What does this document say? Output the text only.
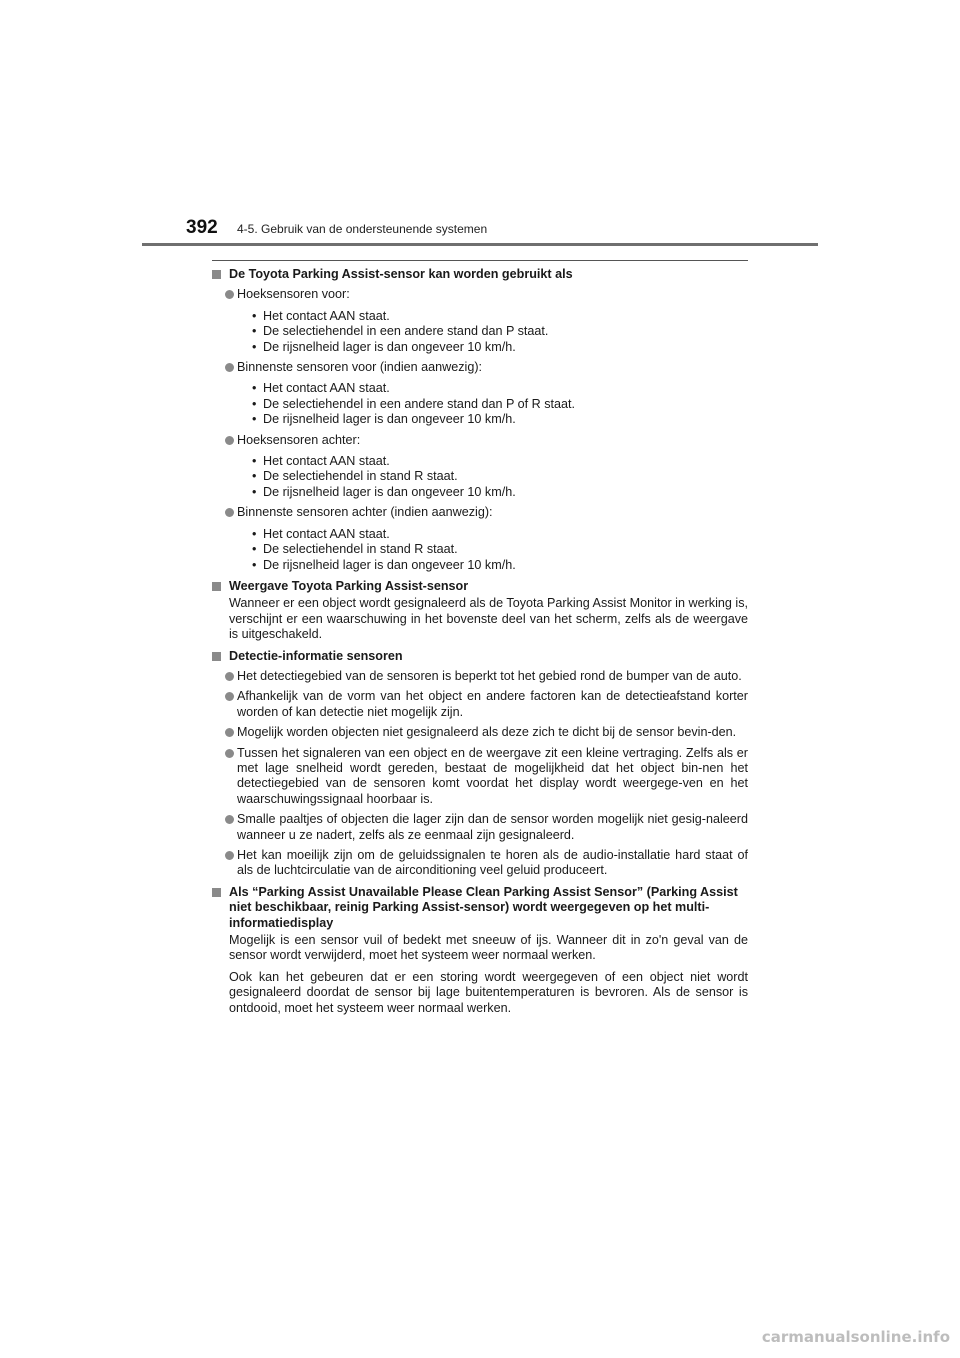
392 4-5. Gebruik van de ondersteunende systemen
De Toyota Parking Assist-sensor kan worden gebruikt als
Hoeksensoren voor:
• Het contact AAN staat.
• De selectiehendel in een andere stand dan P staat.
• De rijsnelheid lager is dan ongeveer 10 km/h.
Binnenste sensoren voor (indien aanwezig):
• Het contact AAN staat.
• De selectiehendel in een andere stand dan P of R staat.
• De rijsnelheid lager is dan ongeveer 10 km/h.
Hoeksensoren achter:
• Het contact AAN staat.
• De selectiehendel in stand R staat.
• De rijsnelheid lager is dan ongeveer 10 km/h.
Binnenste sensoren achter (indien aanwezig):
• Het contact AAN staat.
• De selectiehendel in stand R staat.
• De rijsnelheid lager is dan ongeveer 10 km/h.
Weergave Toyota Parking Assist-sensor
Wanneer er een object wordt gesignaleerd als de Toyota Parking Assist Monitor in werking is, verschijnt er een waarschuwing in het bovenste deel van het scherm, zelfs als de weergave is uitgeschakeld.
Detectie-informatie sensoren
Het detectiegebied van de sensoren is beperkt tot het gebied rond de bumper van de auto.
Afhankelijk van de vorm van het object en andere factoren kan de detectieafstand korter worden of kan detectie niet mogelijk zijn.
Mogelijk worden objecten niet gesignaleerd als deze zich te dicht bij de sensor bevin-den.
Tussen het signaleren van een object en de weergave zit een kleine vertraging. Zelfs als er met lage snelheid wordt gereden, bestaat de mogelijkheid dat het object bin-nen het detectiegebied van de sensoren komt voordat het display wordt weergege-ven en het waarschuwingssignaal hoorbaar is.
Smalle paaltjes of objecten die lager zijn dan de sensor worden mogelijk niet gesig-naleerd wanneer u ze nadert, zelfs als ze eenmaal zijn gesignaleerd.
Het kan moeilijk zijn om de geluidssignalen te horen als de audio-installatie hard staat of als de luchtcirculatie van de airconditioning veel geluid produceert.
Als “Parking Assist Unavailable Please Clean Parking Assist Sensor” (Parking Assist niet beschikbaar, reinig Parking Assist-sensor) wordt weergegeven op het multi-informatiedisplay
Mogelijk is een sensor vuil of bedekt met sneeuw of ijs. Wanneer dit in zo'n geval van de sensor wordt verwijderd, moet het systeem weer normaal werken.
Ook kan het gebeuren dat er een storing wordt weergegeven of een object niet wordt gesignaleerd doordat de sensor bij lage buitentemperaturen is bevroren. Als de sensor is ontdooid, moet het systeem weer normaal werken.
carmanualsonline.info
